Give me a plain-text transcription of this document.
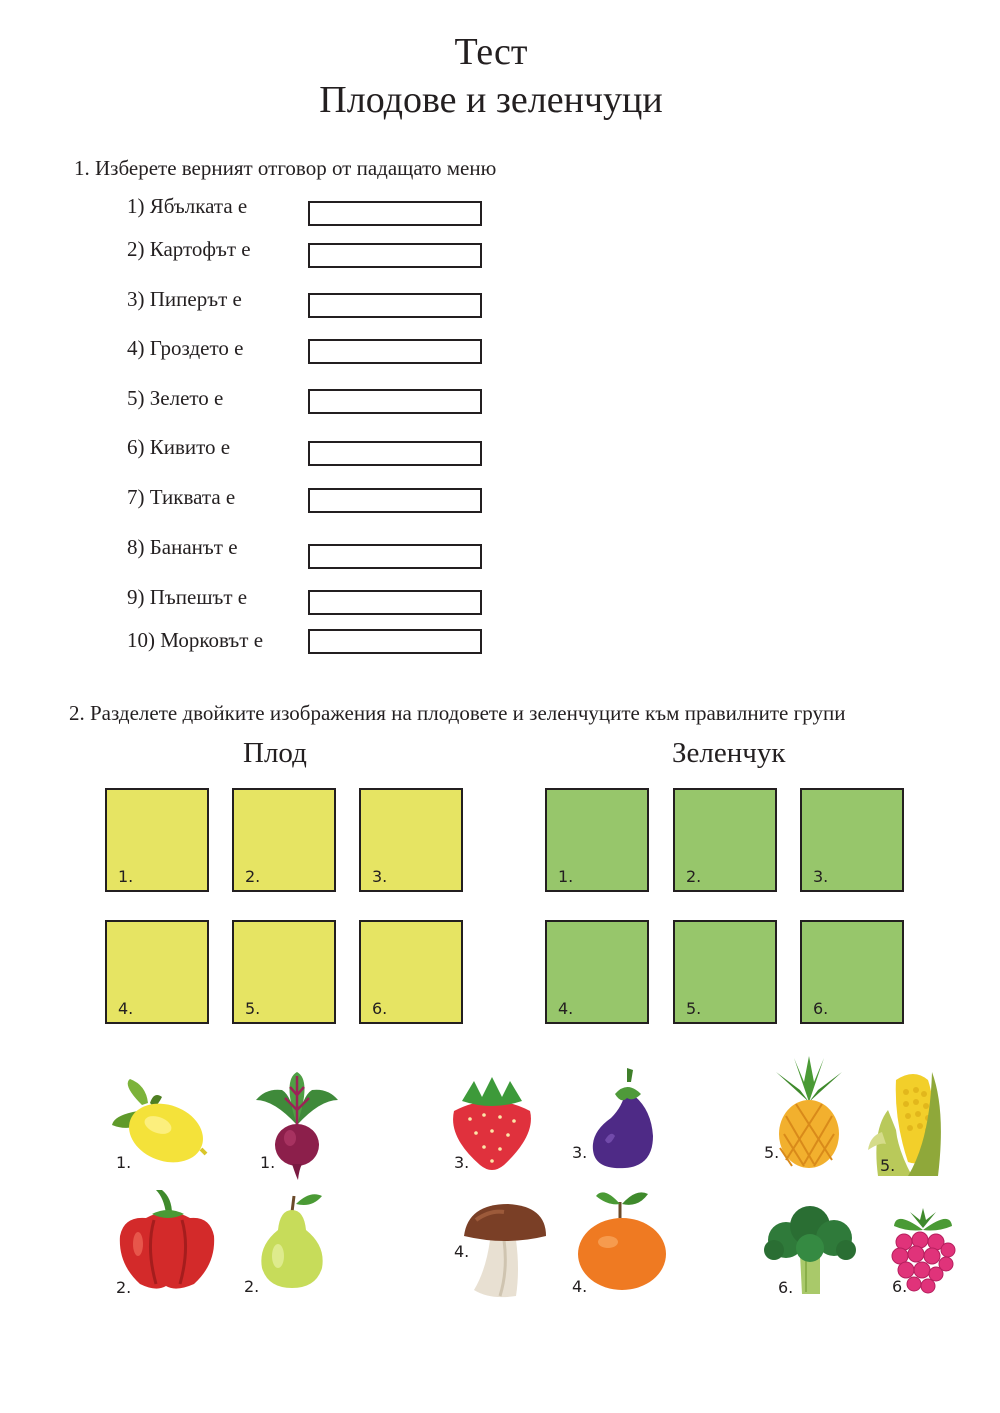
Тест
Плодове и зеленчуци
1. Изберете верният отговор от падащато меню
1) Ябълката е
2) Картофът е
3) Пиперът е
4) Гроздето е
5) Зелето е
6) Кивито е
7) Тиквата е
8) Бананът е
9) Пъпешът е
10) Морковът е
2. Разделете двойките изображения на плодовете и зеленчуците към правилните групи
Плод	Зеленчук
1.	2.	3.
4.	5.	6.
1.	2.	3.
4.	5.	6.
1.	1.	3.
3.	5.
5.
2.	2.
4.
4.	6.	6.
